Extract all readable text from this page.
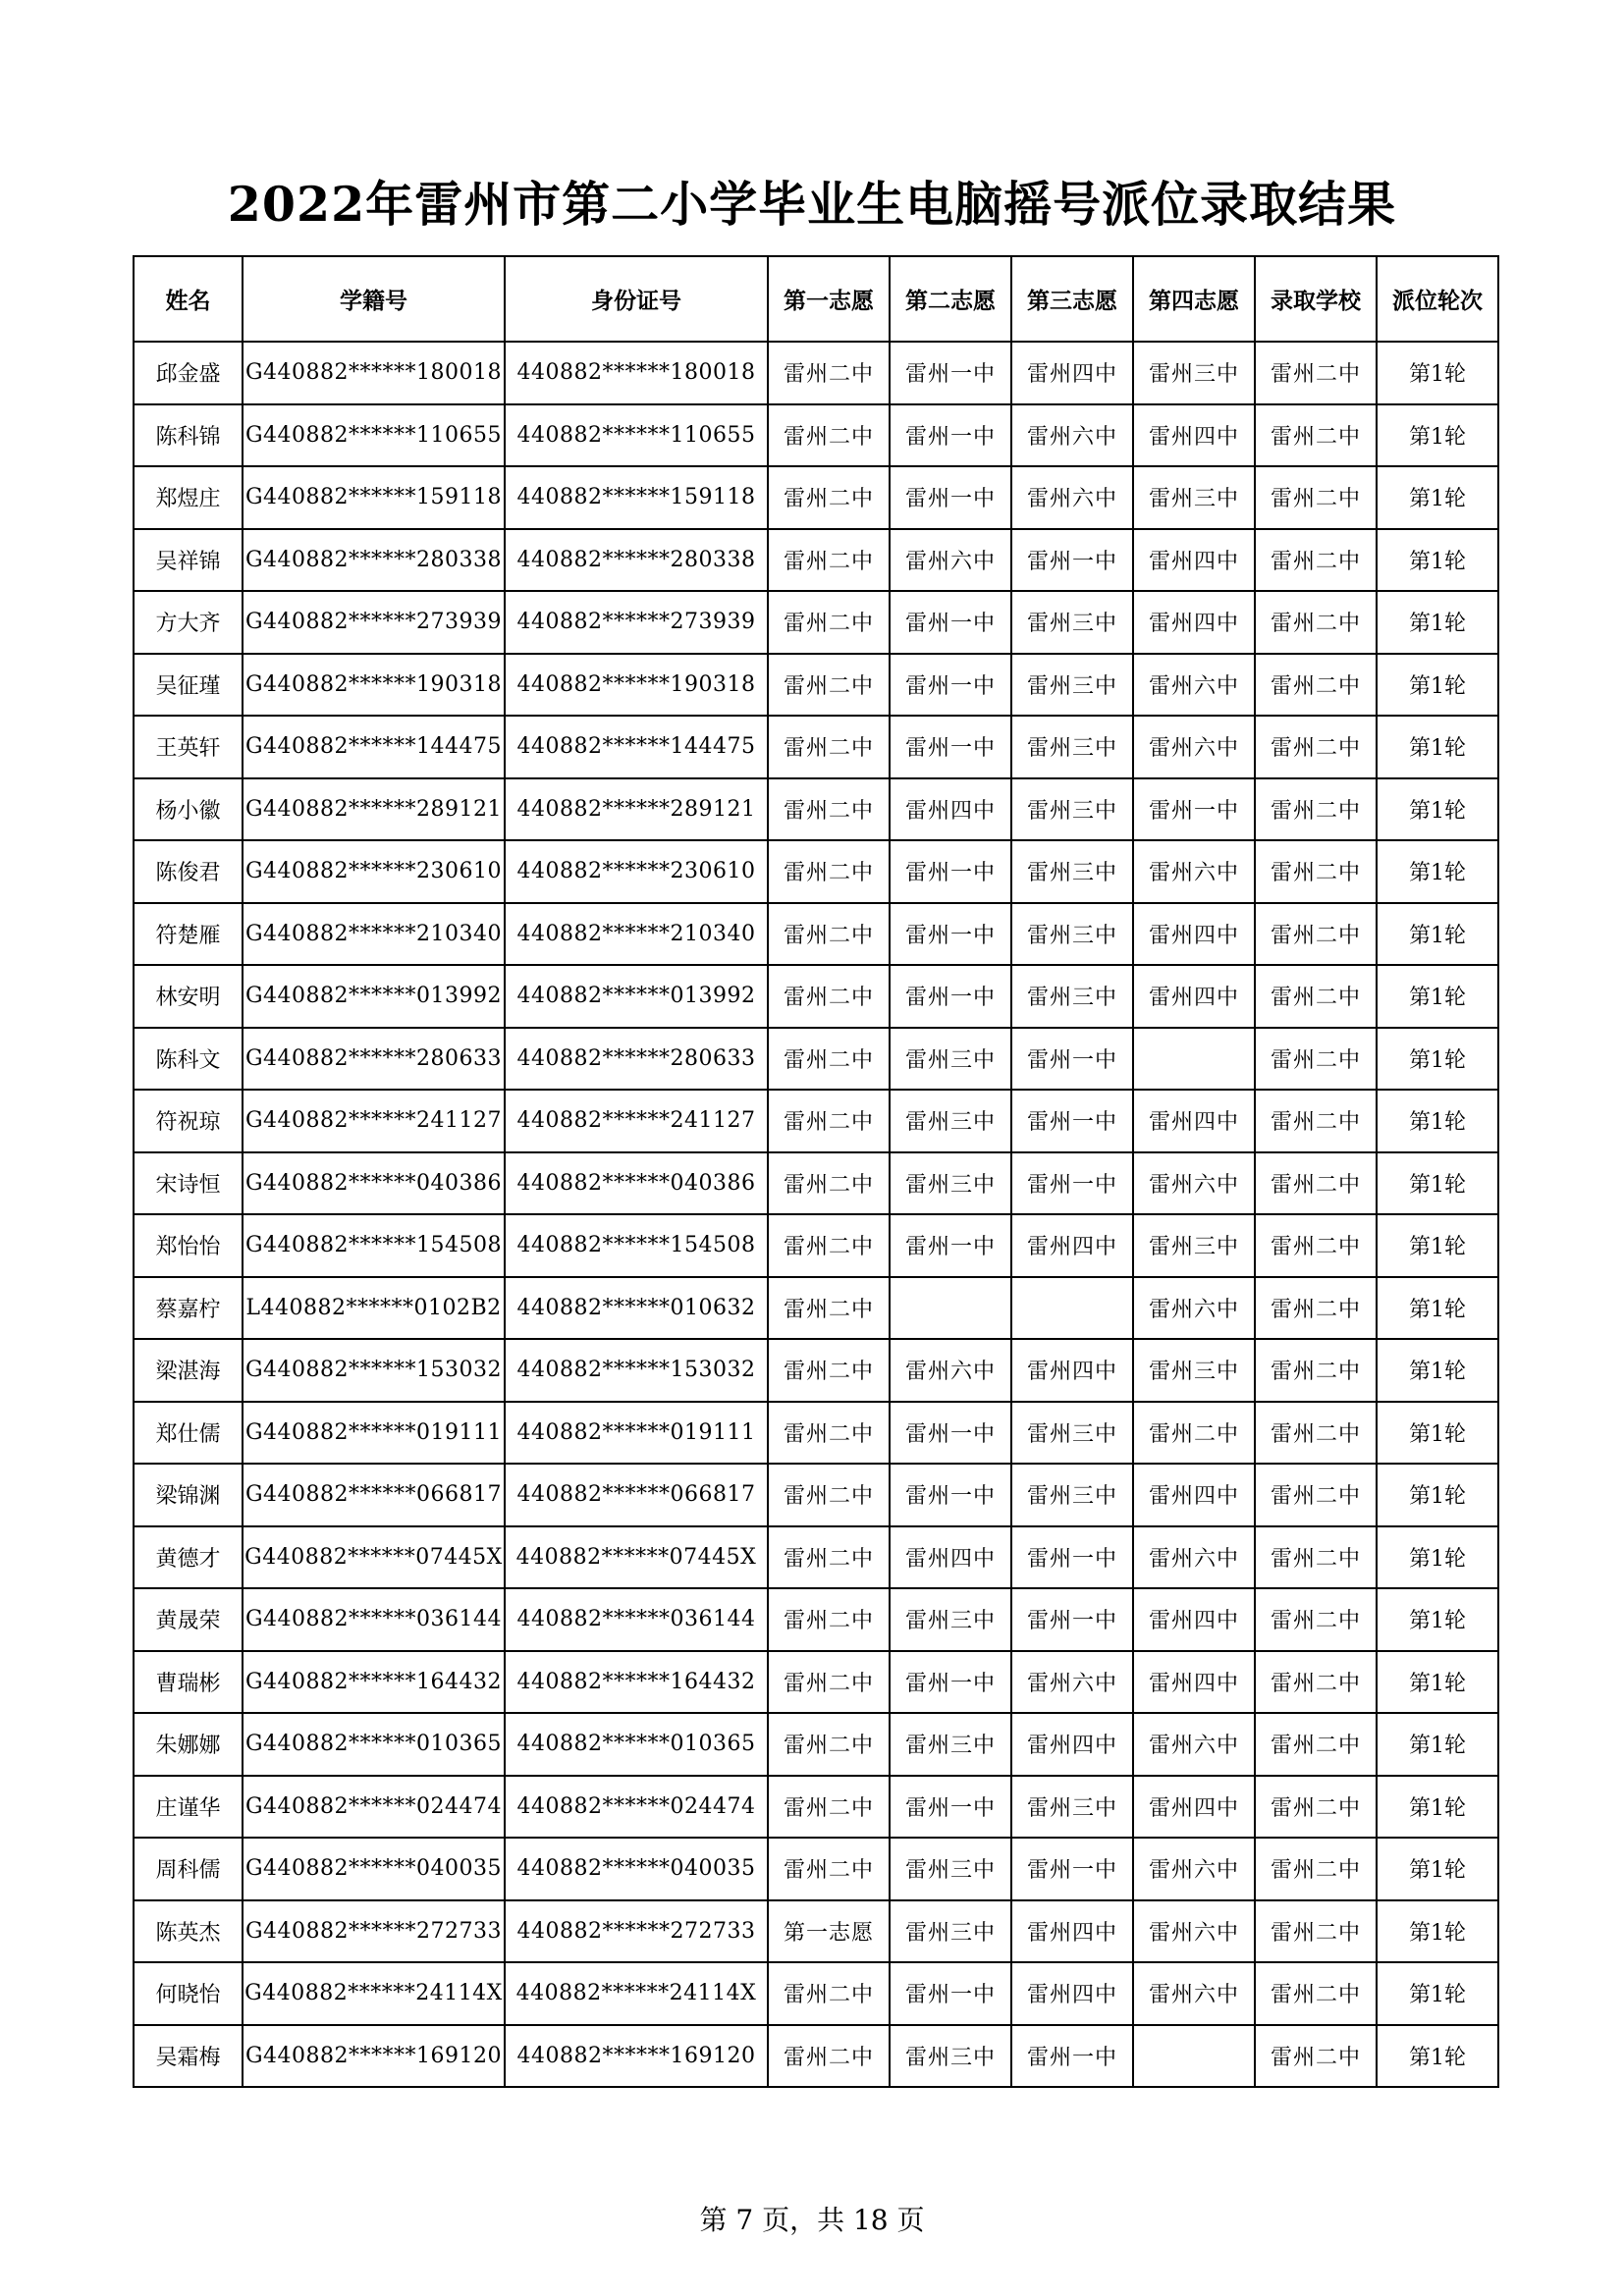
2022年雷州市第二小学毕业生电脑摇号派位录取结果
姓名	学籍号	身份证号	第一志愿	第二志愿	第三志愿	第四志愿	录取学校	派位轮次
邱金盛	G440882******180018	440882******180018	雷州二中	雷州一中	雷州四中	雷州三中	雷州二中	第1轮
陈科锦	G440882******110655	440882******110655	雷州二中	雷州一中	雷州六中	雷州四中	雷州二中	第1轮
郑煜庄	G440882******159118	440882******159118	雷州二中	雷州一中	雷州六中	雷州三中	雷州二中	第1轮
吴祥锦	G440882******280338	440882******280338	雷州二中	雷州六中	雷州一中	雷州四中	雷州二中	第1轮
方大齐	G440882******273939	440882******273939	雷州二中	雷州一中	雷州三中	雷州四中	雷州二中	第1轮
吴征瑾	G440882******190318	440882******190318	雷州二中	雷州一中	雷州三中	雷州六中	雷州二中	第1轮
王英轩	G440882******144475	440882******144475	雷州二中	雷州一中	雷州三中	雷州六中	雷州二中	第1轮
杨小徽	G440882******289121	440882******289121	雷州二中	雷州四中	雷州三中	雷州一中	雷州二中	第1轮
陈俊君	G440882******230610	440882******230610	雷州二中	雷州一中	雷州三中	雷州六中	雷州二中	第1轮
符楚雁	G440882******210340	440882******210340	雷州二中	雷州一中	雷州三中	雷州四中	雷州二中	第1轮
林安明	G440882******013992	440882******013992	雷州二中	雷州一中	雷州三中	雷州四中	雷州二中	第1轮
陈科文	G440882******280633	440882******280633	雷州二中	雷州三中	雷州一中		雷州二中	第1轮
符祝琼	G440882******241127	440882******241127	雷州二中	雷州三中	雷州一中	雷州四中	雷州二中	第1轮
宋诗恒	G440882******040386	440882******040386	雷州二中	雷州三中	雷州一中	雷州六中	雷州二中	第1轮
郑怡怡	G440882******154508	440882******154508	雷州二中	雷州一中	雷州四中	雷州三中	雷州二中	第1轮
蔡嘉柠	L440882******0102B2	440882******010632	雷州二中			雷州六中	雷州二中	第1轮
梁湛海	G440882******153032	440882******153032	雷州二中	雷州六中	雷州四中	雷州三中	雷州二中	第1轮
郑仕儒	G440882******019111	440882******019111	雷州二中	雷州一中	雷州三中	雷州二中	雷州二中	第1轮
梁锦渊	G440882******066817	440882******066817	雷州二中	雷州一中	雷州三中	雷州四中	雷州二中	第1轮
黄德才	G440882******07445X	440882******07445X	雷州二中	雷州四中	雷州一中	雷州六中	雷州二中	第1轮
黄晟荣	G440882******036144	440882******036144	雷州二中	雷州三中	雷州一中	雷州四中	雷州二中	第1轮
曹瑞彬	G440882******164432	440882******164432	雷州二中	雷州一中	雷州六中	雷州四中	雷州二中	第1轮
朱娜娜	G440882******010365	440882******010365	雷州二中	雷州三中	雷州四中	雷州六中	雷州二中	第1轮
庄谨华	G440882******024474	440882******024474	雷州二中	雷州一中	雷州三中	雷州四中	雷州二中	第1轮
周科儒	G440882******040035	440882******040035	雷州二中	雷州三中	雷州一中	雷州六中	雷州二中	第1轮
陈英杰	G440882******272733	440882******272733	第一志愿	雷州三中	雷州四中	雷州六中	雷州二中	第1轮
何晓怡	G440882******24114X	440882******24114X	雷州二中	雷州一中	雷州四中	雷州六中	雷州二中	第1轮
吴霜梅	G440882******169120	440882******169120	雷州二中	雷州三中	雷州一中		雷州二中	第1轮
第 7 页，共 18 页
